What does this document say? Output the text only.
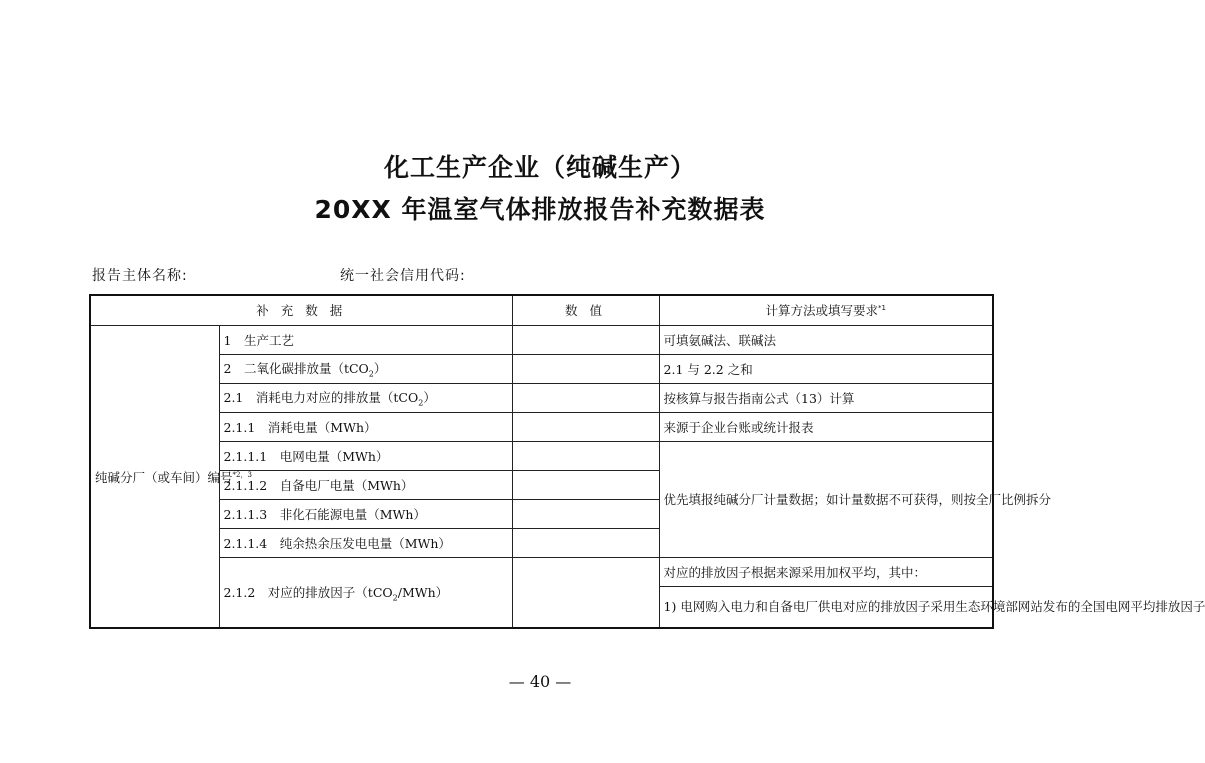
化工生产企业（纯碱生产）
20XX 年温室气体排放报告补充数据表
报告主体名称:	统一社会信用代码:
补 充 数 据		数 值	计算方法或填写要求$^{*1}$
纯碱分厂（或车间）编号$^{*2,3}$	1　生产工艺		可填氨碱法、联碱法
	2　二氧化碳排放量（tCO$_2$）		2.1 与 2.2 之和
	2.1　消耗电力对应的排放量（tCO$_2$）		按核算与报告指南公式（13）计算
	2.1.1　消耗电量（MWh）		来源于企业台账或统计报表
	2.1.1.1　电网电量（MWh）		优先填报纯碱分厂计量数据；如计量数据不可获得，则按全厂比例拆分
	2.1.1.2　自备电厂电量（MWh）		
	2.1.1.3　非化石能源电量（MWh）		
	2.1.1.4　纯余热余压发电电量（MWh）		
	2.1.2　对应的排放因子（tCO$_2$/MWh）		对应的排放因子根据来源采用加权平均，其中：
			1) 电网购入电力和自备电厂供电对应的排放因子采用生态环境部网站发布的全国电网平均排放因子
— 40 —
